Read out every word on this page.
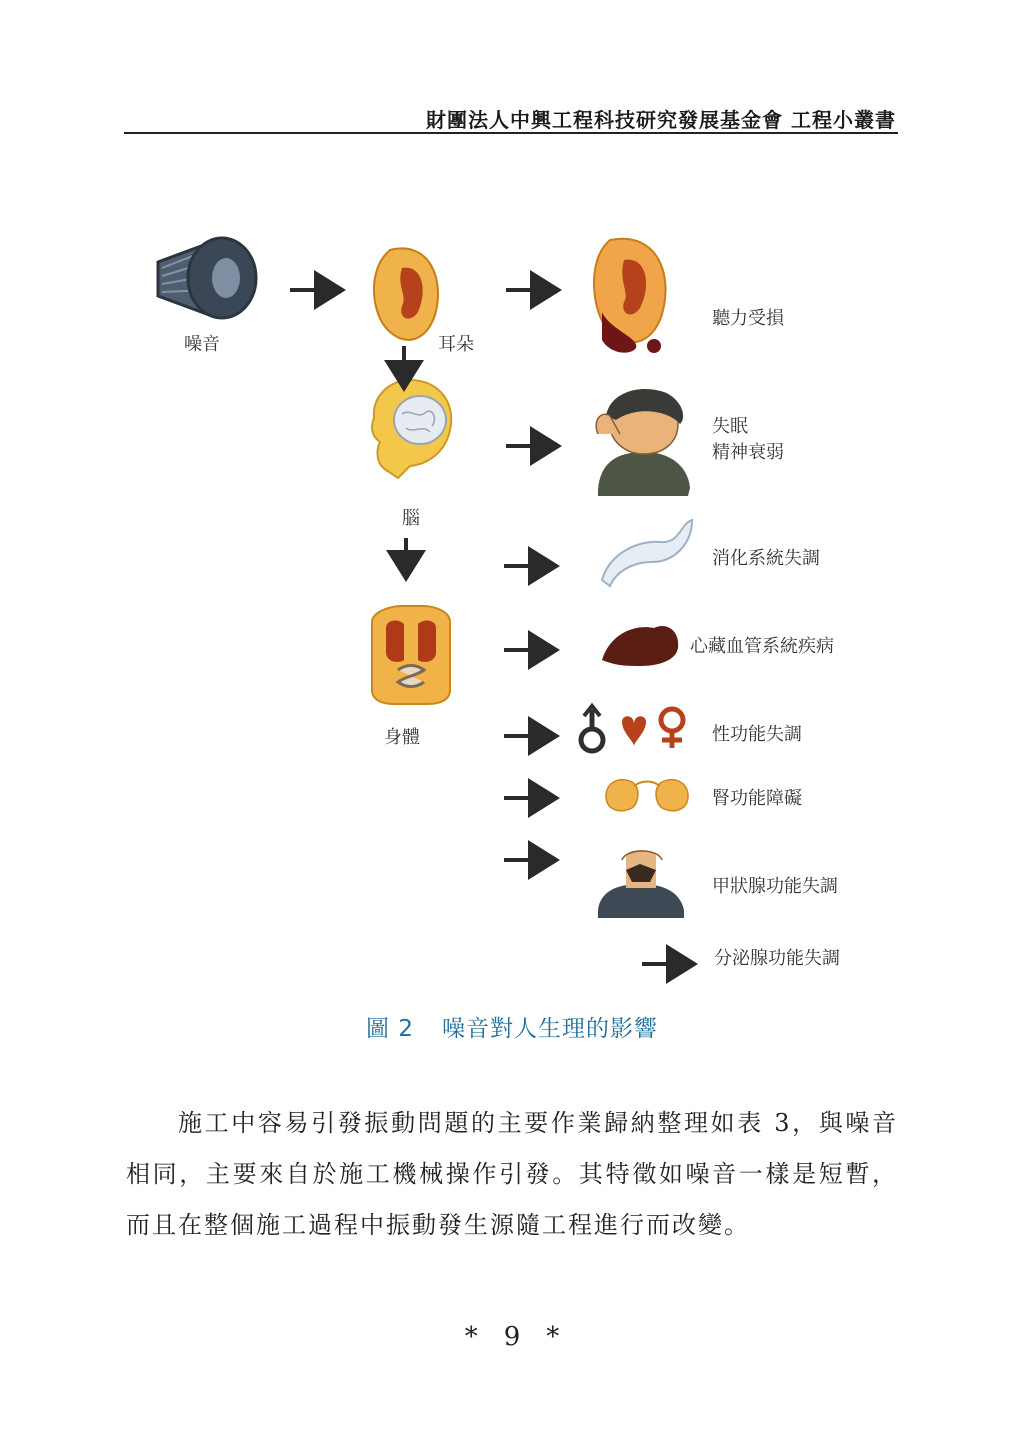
財團法人中興工程科技研究發展基金會 工程小叢書
噪音	耳朵
腦
身體
聽力受損
失眠
精神衰弱
消化系統失調
心藏血管系統疾病
性功能失調
腎功能障礙
甲狀腺功能失調
分泌腺功能失調
圖 2 噪音對人生理的影響

施工中容易引發振動問題的主要作業歸納整理如表 3，與噪音相同，主要來自於施工機械操作引發。其特徵如噪音一樣是短暫，而且在整個施工過程中振動發生源隨工程進行而改變。

*　9　*
